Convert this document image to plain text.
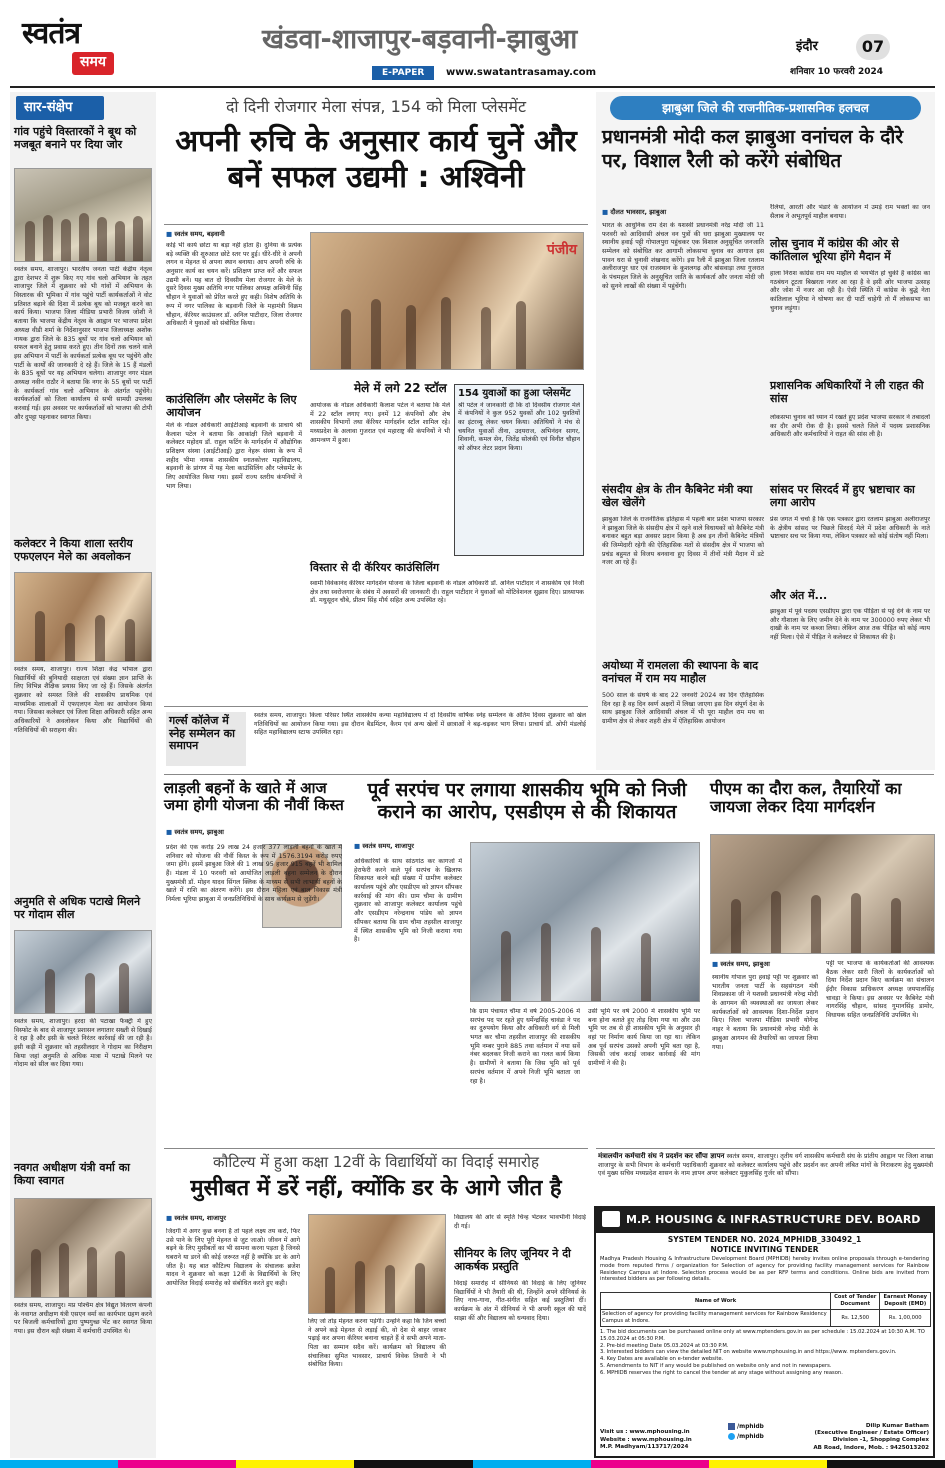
स्वतंत्र
समय
खंडवा-शाजापुर-बड़वानी-झाबुआ
E-PAPER	www.swatantrasamay.com
इंदौर	07
शनिवार 10 फरवरी 2024
सार-संक्षेप
गांव पहुंचे विस्तारकों ने बूथ को मजबूत बनाने पर दिया जोर
स्वतंत्र समय, शाजापुर। भारतीय जनता पार्टी केंद्रीय नेतृत्व द्वारा देशभर में शुरू किए गए गांव चलो अभियान के तहत शाजापुर जिले में शुक्रवार को भी गांवों में अभियान के विस्तारक की भूमिका में गांव पहुंचे पार्टी कार्यकर्ताओं ने वोट प्रतिशत बढ़ाने की दिशा में प्रत्येक बूथ को मजबूत करने का कार्य किया। भाजपा जिला मीडिया प्रभारी विजय जोशी ने बताया कि भाजपा केंद्रीय नेतृत्व के आह्वान पर भाजपा प्रदेश अध्यक्ष वीडी शर्मा के निर्देशानुसार भाजपा जिलाध्यक्ष अशोक नायक द्वारा जिले के 835 बूथों पर गांव चलो अभियान को सफल बनाने हेतु प्रवास करते हुए। तीन दिनों तक चलने वाले इस अभियान में पार्टी के कार्यकर्ता प्रत्येक बूथ पर पहुंचेंगे और पार्टी के कार्यों की जानकारी दे रहे हैं। जिले के 15 हैं मंडलों के 835 बूथों पर यह अभियान चलेगा। शाजापुर नगर मंडल अध्यक्ष नवीन राठौर ने बताया कि नगर के 55 बूथों पर पार्टी के कार्यकर्ता गांव चलो अभियान के अंतर्गत पहुंचेंगे। कार्यकर्ताओं को जिला कार्यालय से सभी सामग्री उपलब्ध करवाई गई। इस अवसर पर कार्यकर्ताओं को भाजपा की टोपी और दुपट्टा पहनाकर स्वागत किया।
कलेक्टर ने किया शाला स्तरीय एफएलएन मेले का अवलोकन
स्वतंत्र समय, शाजापुर। राज्य शिक्षा केंद्र भोपाल द्वारा विद्यार्थियों की बुनियादी साक्षरता एवं संख्या ज्ञान प्राप्ति के लिए विभिन्न शैक्षिक प्रयास किए जा रहे हैं। जिसके अंतर्गत शुक्रवार को समस्त जिले की शासकीय प्राथमिक एवं माध्यमिक शालाओं में एफएलएन मेला का आयोजन किया गया। जिसका कलेक्टर एवं जिला शिक्षा अधिकारी सहित अन्य अधिकारियों ने अवलोकन किया और विद्यार्थियों की गतिविधियों की सराहना की।
अनुमति से अधिक पटाखे मिलने पर गोदाम सील
स्वतंत्र समय, शाजापुर। हरदा की पटाखा फैक्ट्री में हुए विस्फोट के बाद से शाजापुर प्रशासन लगातार सख्ती से दिखाई दे रहा है और इसी के चलते निरंतर कार्रवाई की जा रही है। इसी कड़ी में शुक्रवार को तहसीलदार ने गोदाम का निरीक्षण किया जहां अनुमति से अधिक मात्रा में पटाखे मिलने पर गोदाम को सील कर दिया गया।
नवगत अधीक्षण यंत्री वर्मा का किया स्वागत
स्वतंत्र समय, शाजापुर। मप्र पश्चिम क्षेत्र विद्युत वितरण कंपनी के नवागत अधीक्षण यंत्री एसएन वर्मा का कार्यभार ग्रहण करने पर बिजली कर्मचारियों द्वारा पुष्पगुच्छ भेंट कर स्वागत किया गया। इस दौरान बड़ी संख्या में कर्मचारी उपस्थित थे।
दो दिनी रोजगार मेला संपन्न, 154 को मिला प्लेसमेंट
अपनी रुचि के अनुसार कार्य चुनें और बनें सफल उद्यमी : अश्विनी
■ स्वतंत्र समय, बड़वानी
कोई भी कार्य छोटा या बड़ा नहीं होता है। दुनिया के प्रत्येक बड़े व्यक्ति की शुरुआत छोटे स्तर पर हुई। धीरे-धीरे वे अपनी लगन व मेहनत से अपना स्थान बनाया। आप अपनी रुचि के अनुसार कार्य का चयन करें। प्रशिक्षण प्राप्त करें और सफल उद्यमी बनें। यह बात दो दिवसीय मेला रोजगार के मेले के दूसरे दिवस मुख्य अतिथि नगर पालिका अध्यक्ष अश्विनी सिंह चौहान ने युवाओं को प्रेरित करते हुए कही। विशेष अतिथि के रूप में नगर पालिका के बड़वानी जिले के महामंत्री विक्रम चौहान, कॅरियर काउंसलर डॉ. अनिल पाटीदार, जिला रोजगार अधिकारी ने युवाओं को संबोधित किया।
काउंसिलिंग और प्लेसमेंट के लिए आयोजन
मेले के नोडल अधिकारी आईटीआई बड़वानी के प्राचार्य श्री कैलाश पटेल ने बताया कि आकांक्षी जिले बड़वानी में कलेक्टर महोदय डॉ. राहुल फटिंग के मार्गदर्शन में औद्योगिक प्रशिक्षण संस्था (आईटीआई) द्वारा नेहरू संस्था के रूप में शहीद भीमा नायक शासकीय स्नातकोत्तर महाविद्यालय, बड़वानी के प्रांगण में यह मेला काउंसिलिंग और प्लेसमेंट के लिए आयोजित किया गया। इसमें राज्य स्तरीय कंपनियों ने भाग लिया।
पंजीय
मेले में लगे 22 स्टॉल
आयोजक के नोडल अधिकारी कैलाश पटेल ने बताया कि मेले में 22 स्टॉल लगाए गए। इनमें 12 कंपनियों और शेष शासकीय विभागों तथा कॅरियर मार्गदर्शन स्टॉल शामिल रहे। मध्यप्रदेश के अलावा गुजरात एवं महाराष्ट्र की कंपनियों ने भी आमन्त्रण में हुआ।
154 युवाओं का हुआ प्लेसमेंट
श्री पटेल ने जानकारी दी कि दो दिवसीय रोजगार मेले में कंपनियों ने कुल 952 युवकों और 102 युवतियों का इंटरव्यू लेकर चयन किया। अतिथियों ने मंच से चयनित युवाओं तीना, उदयराज, अभिनंदन सागर, शिवानी, कमल सेन, जितेंद्र सोलंकी एवं विनीत चौहान को ऑफर लेटर प्रदान किया।
विस्तार से दी कॅरियर काउंसिलिंग
स्वामी विवेकानंद कॅरियर मार्गदर्शन योजना के जिला बड़वानी के नोडल अधिकारी डॉ. अनिल पाटीदार ने शासकीय एवं निजी क्षेत्र तथा स्वरोजगार के संबंध में अवसरों की जानकारी दी। राहुल पाटीदार ने युवाओं को मोटिवेशनल सुझाव दिए। प्राध्यापक डॉ. मधुसूदन चौबे, प्रीतम सिंह मौर्य सहित अन्य उपस्थित रहे।
गर्ल्स कॉलेज में स्नेह सम्मेलन का समापन
स्वतंत्र समय, शाजापुर। किला परिसर स्थित शासकीय कन्या महाविद्यालय में दो दिवसीय वार्षिक स्नेह सम्मेलन के अंतिम दिवस शुक्रवार को खेल गतिविधियों का आयोजन किया गया। इस दौरान बैडमिंटन, कैरम एवं अन्य खेलों में छात्राओं ने बढ़-चढ़कर भाग लिया। प्राचार्य डॉ. ओपी मंडलोई सहित महाविद्यालय स्टाफ उपस्थित रहा।
झाबुआ जिले की राजनीतिक-प्रशासनिक हलचल
प्रधानमंत्री मोदी कल झाबुआ वनांचल के दौरे पर, विशाल रैली को करेंगे संबोधित
■ दौलत भावसार, झाबुआ
भारत के आधुनिक राम देश के यशस्वी प्रधानमंत्री नरेंद्र मोदी जी 11 फरवरी को आदिवासी अंचल वन पुत्रों की धरा झाबुआ मुख्यालय पर स्थानीय हवाई पट्टी गोपालपुरा पहुंचकर एक विशाल अनुसूचित जनजाति सम्मेलन को संबोधित कर आगामी लोकसभा चुनाव का आगाज इस पावन धरा से चुनावी शंखनाद करेंगे। इस रैली में झाबुआ जिला रतलाम अलीराजपुर धार एवं राजस्थान के कुशलगढ़ और बांसवाड़ा तथा गुजरात के पंचमहल जिले के अनुसूचित जाति के कार्यकर्ता और जनता मोदी जी को सुनने लाखों की संख्या में पहुंचेंगी।
संसदीय क्षेत्र के तीन कैबिनेट मंत्री क्या खेल खेलेंगे
झाबुआ जिले के राजनीतिक इतिहास में पहली बार प्रदेश भाजपा सरकार ने झाबुआ जिले के संसदीय क्षेत्र में रहने वाले विधायकों को कैबिनेट मंत्री बनाकर बहुत बड़ा अवसर प्रदान किया है अब इन तीनों कैबिनेट मंत्रियों की जिम्मेदारी रहेगी की ऐतिहासिक मतों से संसदीय क्षेत्र में भाजपा को प्रचंड बहुमत से विजय बनवाना हुए दिवस में तीनों मंत्री मैदान में डटे नजर आ रहे हैं।
अयोध्या में रामलला की स्थापना के बाद वनांचल में राम मय माहौल
500 साल के संघर्ष के बाद 22 जनवरी 2024 का दिन ऐतिहासिक दिन रहा है वह दिन स्वर्ण अक्षरों में लिखा जाएगा इस दिन संपूर्ण देश के साथ झाबुआ जिले आदिवासी अंचल में भी पूरा माहौल राम मय था ग्रामीण क्षेत्र से लेकर शहरी क्षेत्र में ऐतिहासिक आयोजन
रैलियां, आरती और भंडारे के आयोजन में उमड़े राम भक्तों का जन सैलाब ने अभूतपूर्व माहौल बनाया।
लोस चुनाव में कांग्रेस की ओर से कांतिलाल भूरिया होंगे मैदान में
हाला निराश कांग्रेस राम मय माहौल से भयभीत हो चुकी है कांग्रेस का गठबंधन टूटता बिखरता नजर आ रहा है वे इसी ओर भाजपा उत्साह और जोश में नजर आ रही है। ऐसी स्थिति में कांग्रेस के बुद्धे नेता कांतिलाल भूरिया ने घोषणा कर दी पार्टी चाहेगी तो मैं लोकसभा का चुनाव लड़ूंगा।
प्रशासनिक अधिकारियों ने ली राहत की सांस
लोकसभा चुनाव को ध्यान में रखते हुए प्रदेश भाजपा सरकार ने तबादलों का दौर अभी रोक दी है। इससे चलते जिले में पदस्थ प्रशासनिक अधिकारी और कर्मचारियों ने राहत की सांस ली है।
सांसद पर सिरदर्द में हुए भ्रष्टाचार का लगा आरोप
प्रेस जगत में चर्चा है कि एक पत्रकार द्वारा रतलाम झाबुआ अलीराजपुर के क्षेत्रीय सांसद पर पिछले सिरदर्द मेले में प्रदेश अधिकारी के नाते भ्रष्टाचार सच पर किया गया, लेकिन पत्रकार को कोई संतोष नहीं मिला।
और अंत में...
झाबुआ में पूर्व पदस्थ एसडीएम द्वारा एक पीड़िता से पट्टे देने के नाम पर और गौशाला के लिए जमीन देने के नाम पर 300000 रुपए लेकर भी दाखी के नाम पर कब्जा लिया। लेकिन आज तक पीड़ित को कोई न्याय नहीं मिला। ऐसे में पीड़ित ने कलेक्टर से शिकायत की है।
लाड़ली बहनों के खाते में आज जमा होगी योजना की नौवीं किस्त
■ स्वतंत्र समय, झाबुआ
प्रदेश की एक करोड़ 29 लाख 24 हजार 377 लाड़ली बहनों के खाते में शनिवार को योजना की नौवीं किस्त के रूप में 1576.3194 करोड़ रुपए जमा होंगे। इसमें झाबुआ जिले की 1 लाख 95 हजार 915 बहनें भी शामिल हैं। मंडला में 10 फरवरी को आयोजित लाड़ली बहना सम्मेलन के दौरान मुख्यमंत्री डॉ. मोहन यादव सिंगल क्लिक के माध्यम से सभी लाभार्थी बहनों के खाते में राशि का अंतरण करेंगे। इस दौरान महिला एवं बाल विकास मंत्री निर्मला भूरिया झाबुआ में जनप्रतिनिधियों के साथ कार्यक्रम से जुड़ेंगी।
पूर्व सरपंच पर लगाया शासकीय भूमि को निजी कराने का आरोप, एसडीएम से की शिकायत
■ स्वतंत्र समय, शाजापुर
अधिकारियों के साथ सांठगांठ कर कागजों में हेराफेरी करने वाले पूर्व सरपंच के खिलाफ शिकायत करने बड़ी संख्या में ग्रामीण कलेक्टर कार्यालय पहुंचे और एसडीएम को ज्ञापन सौंपकर कार्रवाई की मांग की। ग्राम चौमा के ग्रामीण शुक्रवार को शाजापुर कलेक्टर कार्यालय पहुंचे और एसडीएम नरेन्द्रनाथ पांडेय को ज्ञापन सौंपकर बताया कि ग्राम चौमा तहसील शाजापुर में स्थित शासकीय भूमि को निजी कराया गया है।
कि ग्राम पंचायत चौमा में वर्ष 2005-2006 में सरपंच पद पर रहते हुए धर्मेन्द्रसिंह चावंडा ने पद का दुरुपयोग किया और अधिकारी वर्ग से मिली भगत कर चौमा तहसील शाजापुर की शासकीय भूमि नम्बर पुराने 885 तथा वर्तमान में नया सर्वे नंबर बदलकर निजी कराने का गलत कार्य किया है। ग्रामीणों ने बताया कि जिस भूमि को पूर्व सरपंच वर्तमान में अपने निजी भूमि बताता जा रहा है।
उसी भूमि पर वर्ष 2000 में शासकीय भूमि पर बना होना बताते हुए तोड़ दिया गया था और उस भूमि पर तब से ही शासकीय भूमि के अनुसार ही वहां पर निर्माण कार्य किया जा रहा था। लेकिन अब पूर्व सरपंच उसको अपनी भूमि बता रहा है, जिसकी जांच कराई जाकर कार्रवाई की मांग ग्रामीणों ने की है।
पीएम का दौरा कल, तैयारियों का जायजा लेकर दिया मार्गदर्शन
■ स्वतंत्र समय, झाबुआ
स्थानीय गोपाल पुरा हवाई पट्टी पर शुक्रवार को भारतीय जनता पार्टी के सहसंगठन मंत्री शिवप्रकाश जी ने यशस्वी प्रधानमंत्री नरेन्द्र मोदी के आगमन की व्यवस्थाओं का जायजा लेकर कार्यकर्ताओं को आवश्यक दिशा-निर्देश प्रदान किए। जिला भाजपा मीडिया प्रभारी योगेन्द्र नाहर ने बताया कि प्रधानमंत्री नरेन्द्र मोदी के झाबुआ आगमन की तैयारियों का जायजा लिया गया।
पट्टी पर भाजपा के कार्यकर्ताओं की आवश्यक बैठक लेकर सारी जिलों के कार्यकर्ताओं को दिया निर्देश प्रदान किए कार्यक्रम का संचालन ईदौर विकास प्राधिकरण अध्यक्ष जयपालसिंह चावड़ा ने किया। इस अवसर पर कैबिनेट मंत्री नागरसिंह चौहान, सांसद गुमानसिंह डामोर, विधायक सहित जनप्रतिनिधि उपस्थित थे।
मंत्रालयीन कर्मचारी संघ ने प्रदर्शन कर सौंपा ज्ञापन स्वतंत्र समय, शाजापुर। तृतीय वर्ग शासकीय कर्मचारी संघ के प्रांतीय आह्वान पर जिला शाखा शाजापुर के सभी विभाग के कर्मचारी पदाधिकारी शुक्रवार को कलेक्टर कार्यालय पहुंचे और प्रदर्शन कर अपनी लंबित मांगों के निराकरण हेतु मुख्यमंत्री एवं मुख्य सचिव मध्यप्रदेश शासन के नाम ज्ञापन अपर कलेक्टर मुकुलसिंह गुर्जर को सौंपा।
कौटिल्य में हुआ कक्षा 12वीं के विद्यार्थियों का विदाई समारोह
मुसीबत में डरें नहीं, क्योंकि डर के आगे जीत है
■ स्वतंत्र समय, शाजापुर
जिंदगी में अगर कुछ बनना है तो पहले लक्ष्य तय करो, फिर उसे पाने के लिए पूरी मेहनत से जुट जाओ। जीवन में आगे बढ़ने के लिए मुसीबतों का भी सामना करना पड़ता है जिनसे घबराने या डरने की कोई जरूरत नहीं है क्योंकि डर के आगे जीत है। यह बात कौटिल्य विद्यालय के संचालक ब्रजेश यादव ने शुक्रवार को कक्षा 12वीं के विद्यार्थियों के लिए आयोजित विदाई समारोह को संबोधित करते हुए कही।
लिए जो तोड़ मेहनत करना पड़ेगी। उन्होंने कहा कि जिन बच्चों ने अपने कड़े मेहनत से लड़ाई की, वो देश से बाहर जाकर पढ़ाई कर अपना कॅरियर बनाना चाहते हैं वे सभी अपने माता-पिता का सम्मान सदैव करें। कार्यक्रम को विद्यालय की संचालिका सुमित भावसार, प्राचार्य विवेक तिवारी ने भी संबोधित किया।
विद्यालय की ओर से स्मृति चिन्ह भेंटकर भावभीनी विदाई दी गई।
सीनियर के लिए जूनियर ने दी आकर्षक प्रस्तुति
विदाई समारोह में सीनियर्स की विदाई के लिए जूनियर विद्यार्थियों ने भी तैयारी की थी, जिन्होंने अपने सीनियर्स के लिए नाच-गाना, गीत-संगीत सहित कई प्रस्तुतियां दीं। कार्यक्रम के अंत में सीनियर्स ने भी अपनी स्कूल की यादें साझा कीं और विद्यालय को धन्यवाद दिया।
M.P. HOUSING & INFRASTRUCTURE DEV. BOARD
SYSTEM TENDER NO. 2024_MPHIDB_330492_1
NOTICE INVITING TENDER
Madhya Pradesh Housing & Infrastructure Development Board (MPHIDB) hereby invites online proposals through e-tendering mode from reputed firms / organization for Selection of agency for providing facility management services for Rainbow Residency Campus at Indore. Selection process would be as per RFP terms and conditions. Online bids are invited from interested bidders as per following details.
Name of Work	Cost of Tender Document	Earnest Money Deposit (EMD)
Selection of agency for providing facility management services for Rainbow Residency Campus at Indore.	Rs. 12,500	Rs. 1,00,000
1. The bid documents can be purchased online only at www.mptenders.gov.in as per schedule : 15.02.2024 at 10:30 A.M. TO 15.03.2024 at 05:30 P.M.
2. Pre-bid meeting Date 05.03.2024 at 03:30 P.M.
3. Interested bidders can view the detailed NIT on website www.mphousing.in and https://www. mptenders.gov.in.
4. Key Dates are available on e-tender website.
5. Amendments to NIT if any would be published on website only and not in newspapers.
6. MPHIDB reserves the right to cancel the tender at any stage without assigning any reason.
Dilip Kumar Batham
(Executive Engineer / Estate Officer)
Division -1, Shopping Complex
AB Road, Indore, Mob. : 9425013202
Visit us : www.mphousing.in
Website : www.mphousing.in
M.P. Madhyam/113717/2024
/mphidb
/mphidb
